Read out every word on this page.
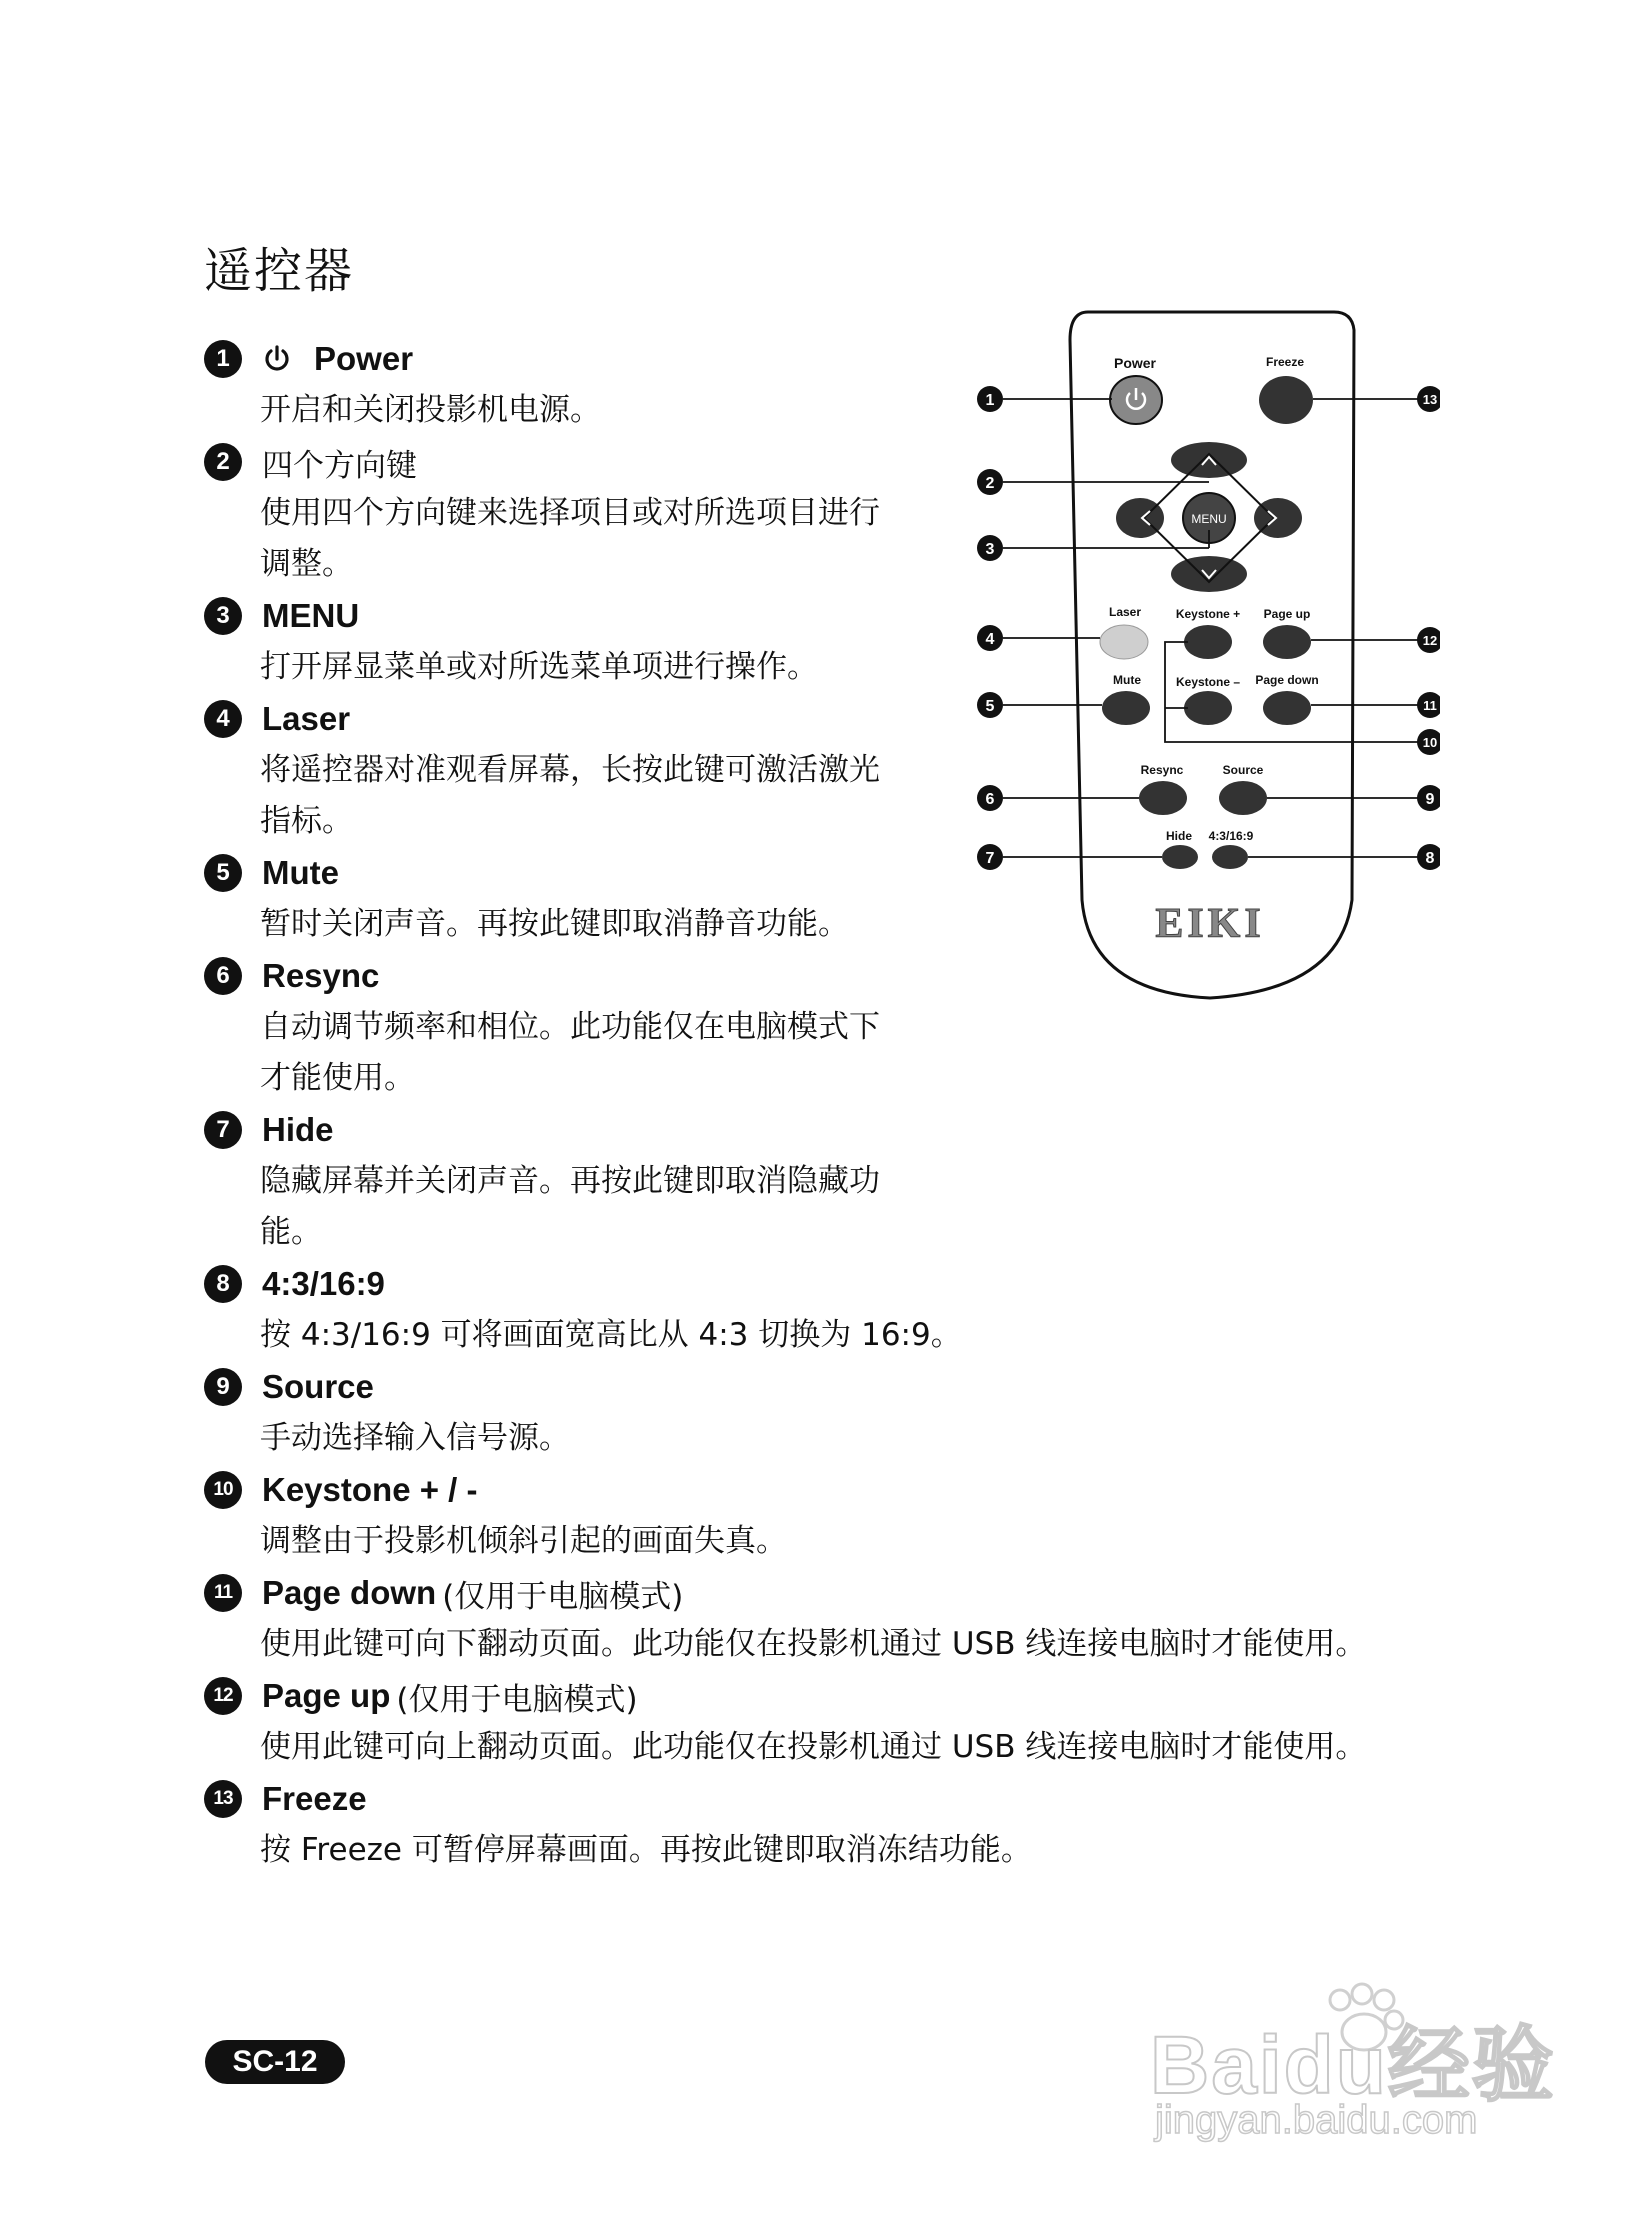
遥控器
1	Power
开启和关闭投影机电源。
2	四个方向键
使用四个方向键来选择项目或对所选项目进行调整。
3 MENU
打开屏显菜单或对所选菜单项进行操作。
4 Laser
将遥控器对准观看屏幕，长按此键可激活激光指标。
5 Mute
暂时关闭声音。再按此键即取消静音功能。
6 Resync
自动调节频率和相位。此功能仅在电脑模式下才能使用。
7 Hide
隐藏屏幕并关闭声音。再按此键即取消隐藏功能。
8 4:3/16:9
按 4:3/16:9 可将画面宽高比从 4:3 切换为 16:9。
9 Source
手动选择输入信号源。
10 Keystone + / -
调整由于投影机倾斜引起的画面失真。
11 Page down (仅用于电脑模式)
使用此键可向下翻动页面。此功能仅在投影机通过 USB 线连接电脑时才能使用。
12 Page up (仅用于电脑模式)
使用此键可向上翻动页面。此功能仅在投影机通过 USB 线连接电脑时才能使用。
13 Freeze
按 Freeze 可暂停屏幕画面。再按此键即取消冻结功能。
Power	Freeze
Laser	Keystone + Page up
Mute	Keystone – Page down
Resync	Source
Hide 4:3/16:9
MENU
EIKI
1
2
3
4
5
6
7	8
9
10
11
12
13
SC-12	Baidu经验
jingyan.baidu.com
